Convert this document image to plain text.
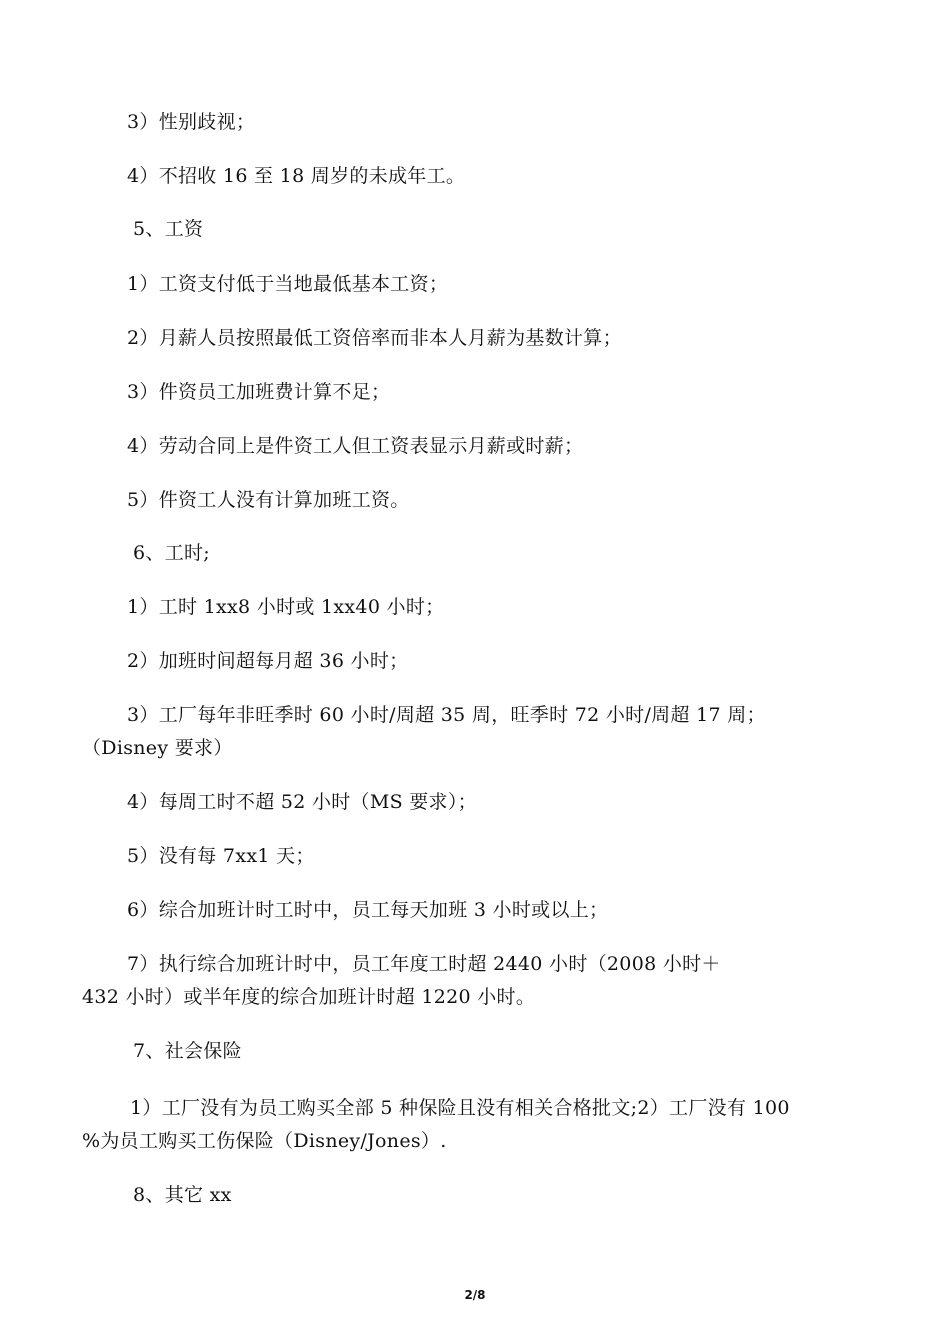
3）性别歧视；
4）不招收 16 至 18 周岁的未成年工。
5、工资
1）工资支付低于当地最低基本工资；
2）月薪人员按照最低工资倍率而非本人月薪为基数计算；
3）件资员工加班费计算不足；
4）劳动合同上是件资工人但工资表显示月薪或时薪；
5）件资工人没有计算加班工资。
6、工时;
1）工时 1xx8 小时或 1xx40 小时；
2）加班时间超每月超 36 小时；
3）工厂每年非旺季时 60 小时/周超 35 周，旺季时 72 小时/周超 17 周；
（Disney 要求）
4）每周工时不超 52 小时（MS 要求）；
5）没有每 7xx1 天；
6）综合加班计时工时中，员工每天加班 3 小时或以上；
7）执行综合加班计时中，员工年度工时超 2440 小时（2008 小时＋
432 小时）或半年度的综合加班计时超 1220 小时。
7、社会保险
1）工厂没有为员工购买全部 5 种保险且没有相关合格批文;2）工厂没有 100
%为员工购买工伤保险（Disney/Jones）.
8、其它 xx
2/8
